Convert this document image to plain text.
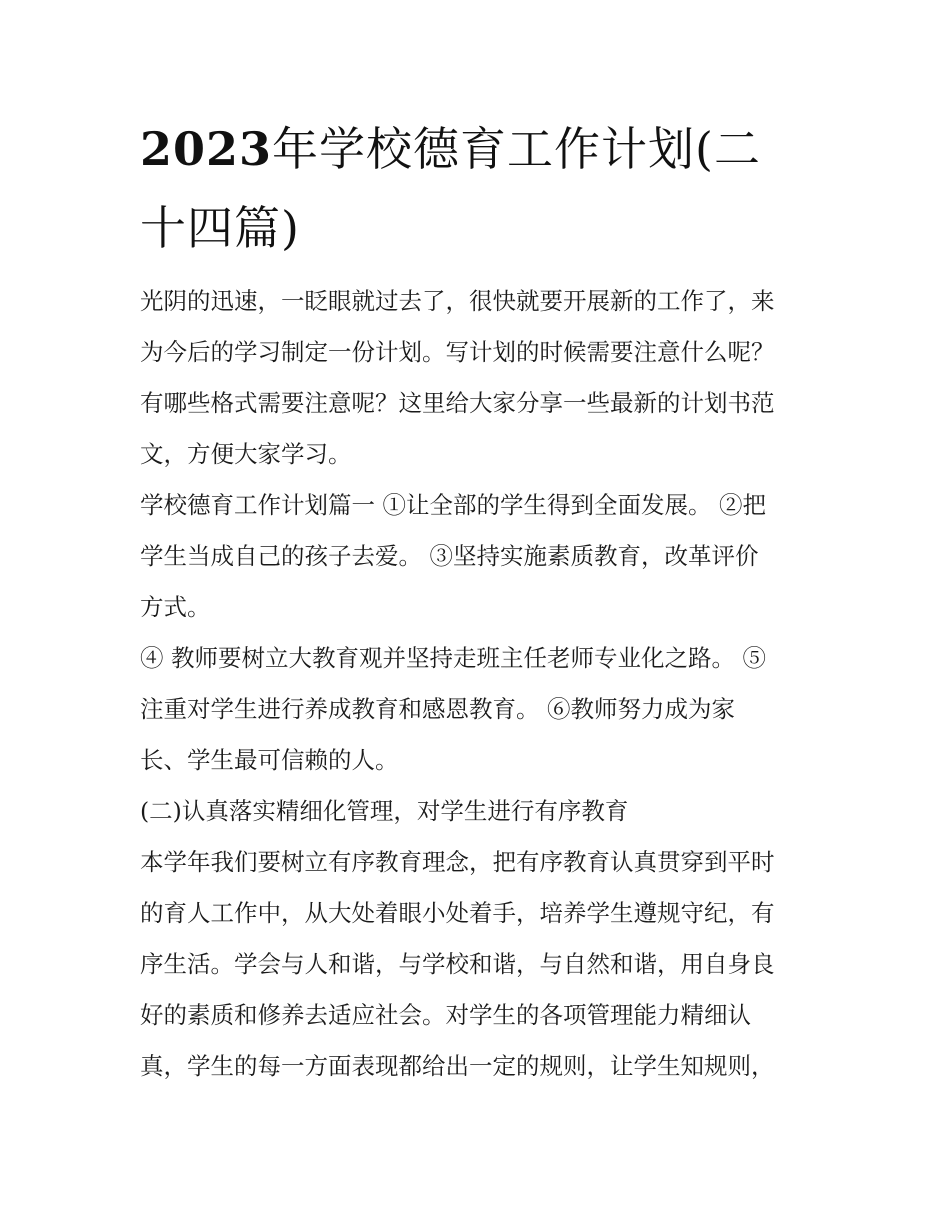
2023年学校德育工作计划(二
十四篇)
光阴的迅速，一眨眼就过去了，很快就要开展新的工作了，来
为今后的学习制定一份计划。写计划的时候需要注意什么呢？
有哪些格式需要注意呢？这里给大家分享一些最新的计划书范
文，方便大家学习。
学校德育工作计划篇一 ①让全部的学生得到全面发展。 ②把
学生当成自己的孩子去爱。 ③坚持实施素质教育，改革评价
方式。
④ 教师要树立大教育观并坚持走班主任老师专业化之路。 ⑤
注重对学生进行养成教育和感恩教育。 ⑥教师努力成为家
长、学生最可信赖的人。
(二)认真落实精细化管理，对学生进行有序教育
本学年我们要树立有序教育理念，把有序教育认真贯穿到平时
的育人工作中，从大处着眼小处着手，培养学生遵规守纪，有
序生活。学会与人和谐，与学校和谐，与自然和谐，用自身良
好的素质和修养去适应社会。对学生的各项管理能力精细认
真，学生的每一方面表现都给出一定的规则，让学生知规则，
